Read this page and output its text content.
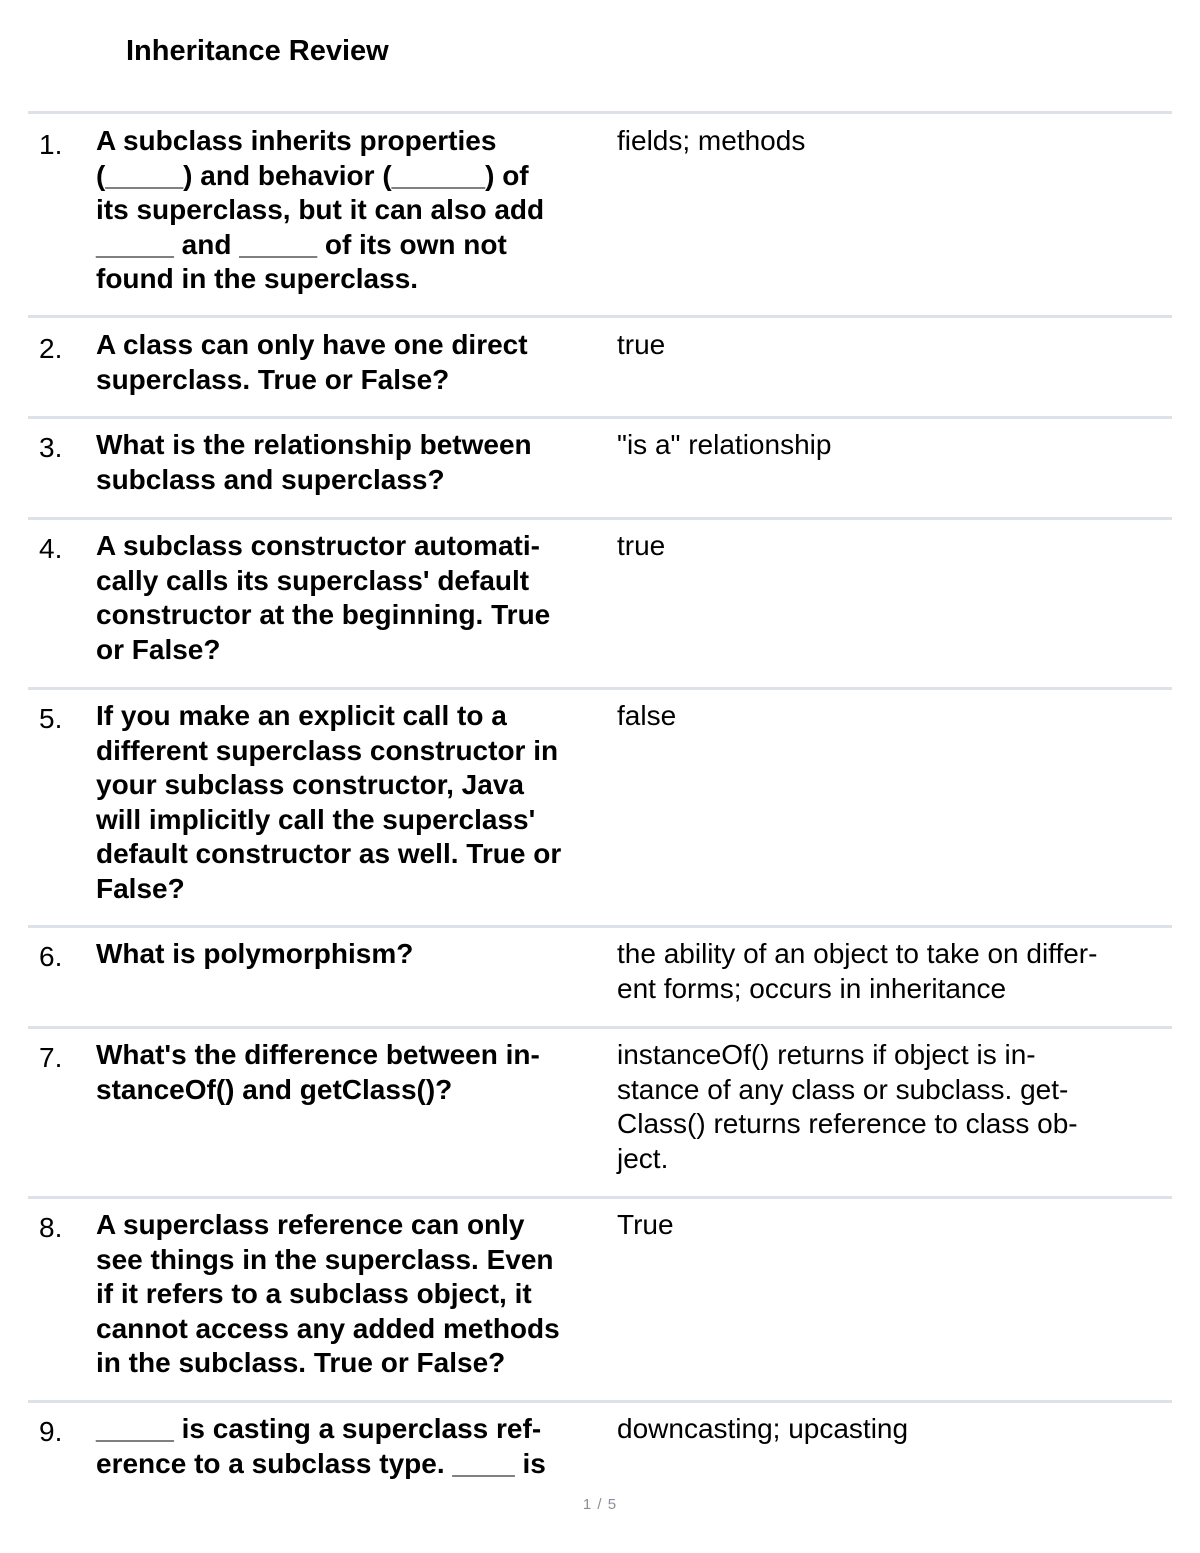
Inheritance Review
1. A subclass inherits properties
(_____) and behavior (______) of
its superclass, but it can also add
_____ and _____ of its own not
found in the superclass.
fields; methods
2. A class can only have one direct
superclass. True or False?
true
3. What is the relationship between
subclass and superclass?
"is a" relationship
4. A subclass constructor automati-
cally calls its superclass' default
constructor at the beginning. True
or False?
true
5. If you make an explicit call to a
different superclass constructor in
your subclass constructor, Java
will implicitly call the superclass'
default constructor as well. True or
False?
false
6. What is polymorphism?	the ability of an object to take on differ-
ent forms; occurs in inheritance
7. What's the difference between in-
stanceOf() and getClass()?
instanceOf() returns if object is in-
stance of any class or subclass. get-
Class() returns reference to class ob-
ject.
8. A superclass reference can only
see things in the superclass. Even
if it refers to a subclass object, it
cannot access any added methods
in the subclass. True or False?
True
9. _____ is casting a superclass ref-
erence to a subclass type. ____ is
downcasting; upcasting
1 / 5
